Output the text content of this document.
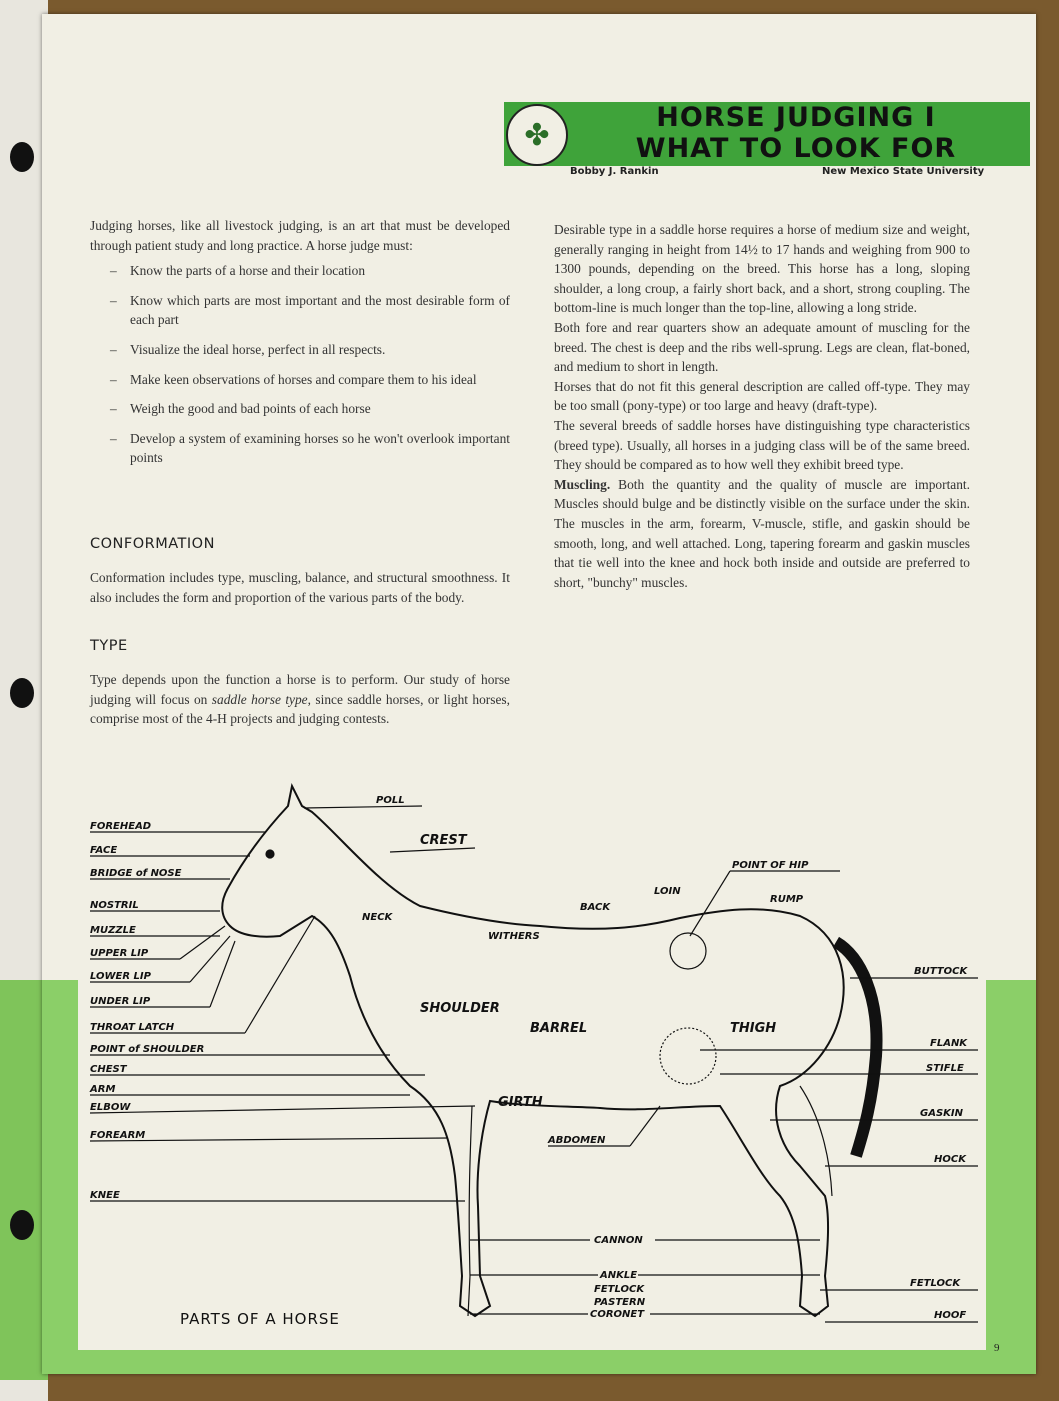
✤	HORSE JUDGING I
WHAT TO LOOK FOR
Bobby J. Rankin	New Mexico State University

Judging horses, like all livestock judging, is an art that must be developed through patient study and long practice. A horse judge must:

– Know the parts of a horse and their location
– Know which parts are most important and the most desirable form of each part
– Visualize the ideal horse, perfect in all respects.
– Make keen observations of horses and compare them to his ideal
– Weigh the good and bad points of each horse
– Develop a system of examining horses so he won't overlook important points
CONFORMATION

Conformation includes type, muscling, balance, and structural smoothness. It also includes the form and proportion of the various parts of the body.

TYPE

Type depends upon the function a horse is to perform. Our study of horse judging will focus on saddle horse type, since saddle horses, or light horses, comprise most of the 4-H projects and judging contests.

Desirable type in a saddle horse requires a horse of medium size and weight, generally ranging in height from 14½ to 17 hands and weighing from 900 to 1300 pounds, depending on the breed. This horse has a long, sloping shoulder, a long croup, a fairly short back, and a short, strong coupling. The bottom-line is much longer than the top-line, allowing a long stride.

Both fore and rear quarters show an adequate amount of muscling for the breed. The chest is deep and the ribs well-sprung. Legs are clean, flat-boned, and medium to short in length.

Horses that do not fit this general description are called off-type. They may be too small (pony-type) or too large and heavy (draft-type).

The several breeds of saddle horses have distinguishing type characteristics (breed type). Usually, all horses in a judging class will be of the same breed. They should be compared as to how well they exhibit breed type.

Muscling. Both the quantity and the quality of muscle are important. Muscles should bulge and be distinctly visible on the surface under the skin. The muscles in the arm, forearm, V-muscle, stifle, and gaskin should be smooth, long, and well attached. Long, tapering forearm and gaskin muscles that tie well into the knee and hock both inside and outside are preferred to short, "bunchy" muscles.

FOREHEAD
FACE
BRIDGE of NOSE
NOSTRIL
MUZZLE
UPPER LIP
LOWER LIP
UNDER LIP
THROAT LATCH
POINT of SHOULDER
CHEST
ARM
ELBOW
FOREARM
KNEE
POLL
CREST
POINT OF HIP
LOIN
BACK
RUMP
NECK
WITHERS
SHOULDER
BARREL	THIGH
GIRTH
ABDOMEN
CANNON
ANKLE
FETLOCK
PASTERN
CORONET
BUTTOCK
FLANK
STIFLE
GASKIN
HOCK
FETLOCK
HOOF
PARTS OF A HORSE
9
